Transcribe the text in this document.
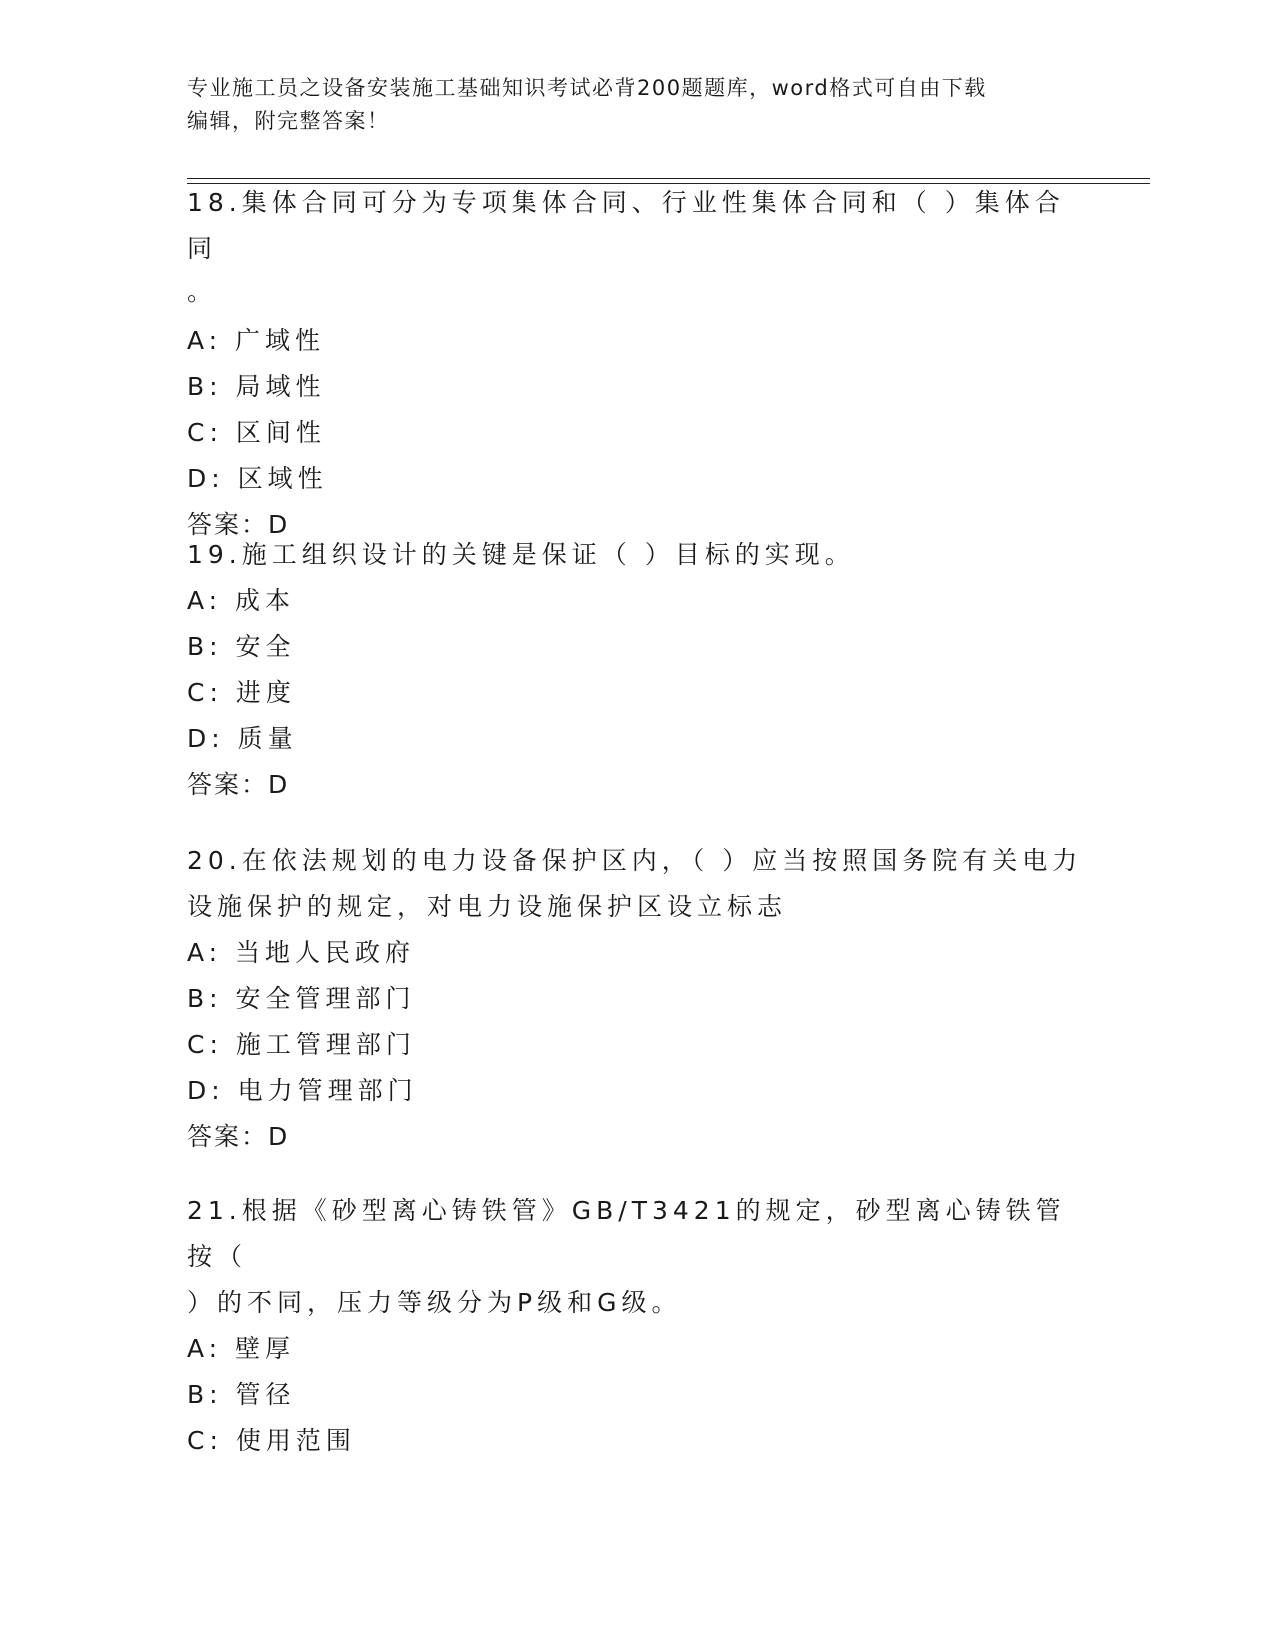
专业施工员之设备安装施工基础知识考试必背200题题库，word格式可自由下载
编辑，附完整答案！
18.集体合同可分为专项集体合同、行业性集体合同和（ ）集体合同
。
A: 广域性
B: 局域性
C: 区间性
D: 区域性
答案：D
19.施工组织设计的关键是保证（ ）目标的实现。
A: 成本
B: 安全
C: 进度
D: 质量
答案：D
20.在依法规划的电力设备保护区内，（ ）应当按照国务院有关电力
设施保护的规定，对电力设施保护区设立标志
A: 当地人民政府
B: 安全管理部门
C: 施工管理部门
D: 电力管理部门
答案：D
21.根据《砂型离心铸铁管》GB/T3421的规定，砂型离心铸铁管按（
）的不同，压力等级分为P级和G级。
A: 壁厚
B: 管径
C: 使用范围
